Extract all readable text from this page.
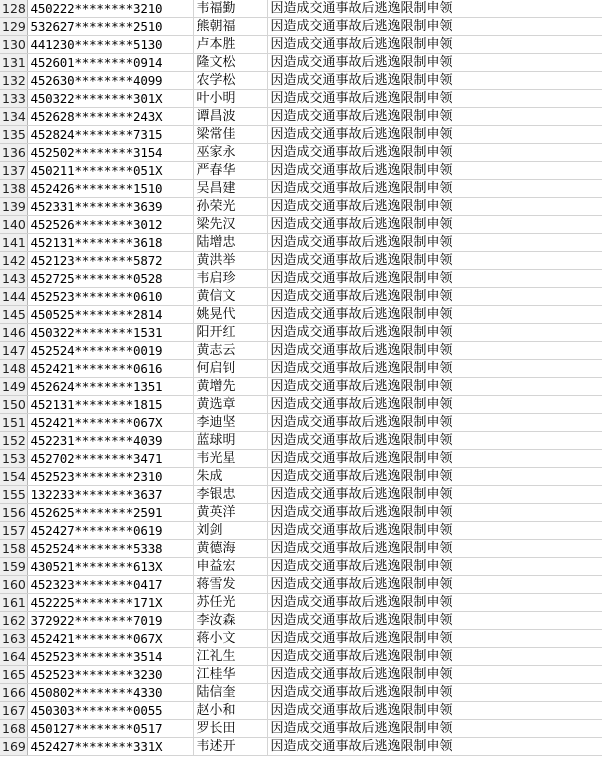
128	450222********3210	韦福勤	因造成交通事故后逃逸限制申领
129	532627********2510	熊朝福	因造成交通事故后逃逸限制申领
130	441230********5130	卢本胜	因造成交通事故后逃逸限制申领
131	452601********0914	隆文松	因造成交通事故后逃逸限制申领
132	452630********4099	农学松	因造成交通事故后逃逸限制申领
133	450322********301X	叶小明	因造成交通事故后逃逸限制申领
134	452628********243X	谭昌波	因造成交通事故后逃逸限制申领
135	452824********7315	梁常佳	因造成交通事故后逃逸限制申领
136	452502********3154	巫家永	因造成交通事故后逃逸限制申领
137	450211********051X	严春华	因造成交通事故后逃逸限制申领
138	452426********1510	吴昌建	因造成交通事故后逃逸限制申领
139	452331********3639	孙荣光	因造成交通事故后逃逸限制申领
140	452526********3012	梁先汉	因造成交通事故后逃逸限制申领
141	452131********3618	陆增忠	因造成交通事故后逃逸限制申领
142	452123********5872	黄洪举	因造成交通事故后逃逸限制申领
143	452725********0528	韦启珍	因造成交通事故后逃逸限制申领
144	452523********0610	黄信文	因造成交通事故后逃逸限制申领
145	450525********2814	姚晃代	因造成交通事故后逃逸限制申领
146	450322********1531	阳开红	因造成交通事故后逃逸限制申领
147	452524********0019	黄志云	因造成交通事故后逃逸限制申领
148	452421********0616	何启钊	因造成交通事故后逃逸限制申领
149	452624********1351	黄增先	因造成交通事故后逃逸限制申领
150	452131********1815	黄选章	因造成交通事故后逃逸限制申领
151	452421********067X	李迪坚	因造成交通事故后逃逸限制申领
152	452231********4039	蓝球明	因造成交通事故后逃逸限制申领
153	452702********3471	韦光星	因造成交通事故后逃逸限制申领
154	452523********2310	朱成	因造成交通事故后逃逸限制申领
155	132233********3637	李银忠	因造成交通事故后逃逸限制申领
156	452625********2591	黄英洋	因造成交通事故后逃逸限制申领
157	452427********0619	刘剑	因造成交通事故后逃逸限制申领
158	452524********5338	黄德海	因造成交通事故后逃逸限制申领
159	430521********613X	申益宏	因造成交通事故后逃逸限制申领
160	452323********0417	蒋雪发	因造成交通事故后逃逸限制申领
161	452225********171X	苏任光	因造成交通事故后逃逸限制申领
162	372922********7019	李汝森	因造成交通事故后逃逸限制申领
163	452421********067X	蒋小文	因造成交通事故后逃逸限制申领
164	452523********3514	江礼生	因造成交通事故后逃逸限制申领
165	452523********3230	江桂华	因造成交通事故后逃逸限制申领
166	450802********4330	陆信奎	因造成交通事故后逃逸限制申领
167	450303********0055	赵小和	因造成交通事故后逃逸限制申领
168	450127********0517	罗长田	因造成交通事故后逃逸限制申领
169	452427********331X	韦述开	因造成交通事故后逃逸限制申领
